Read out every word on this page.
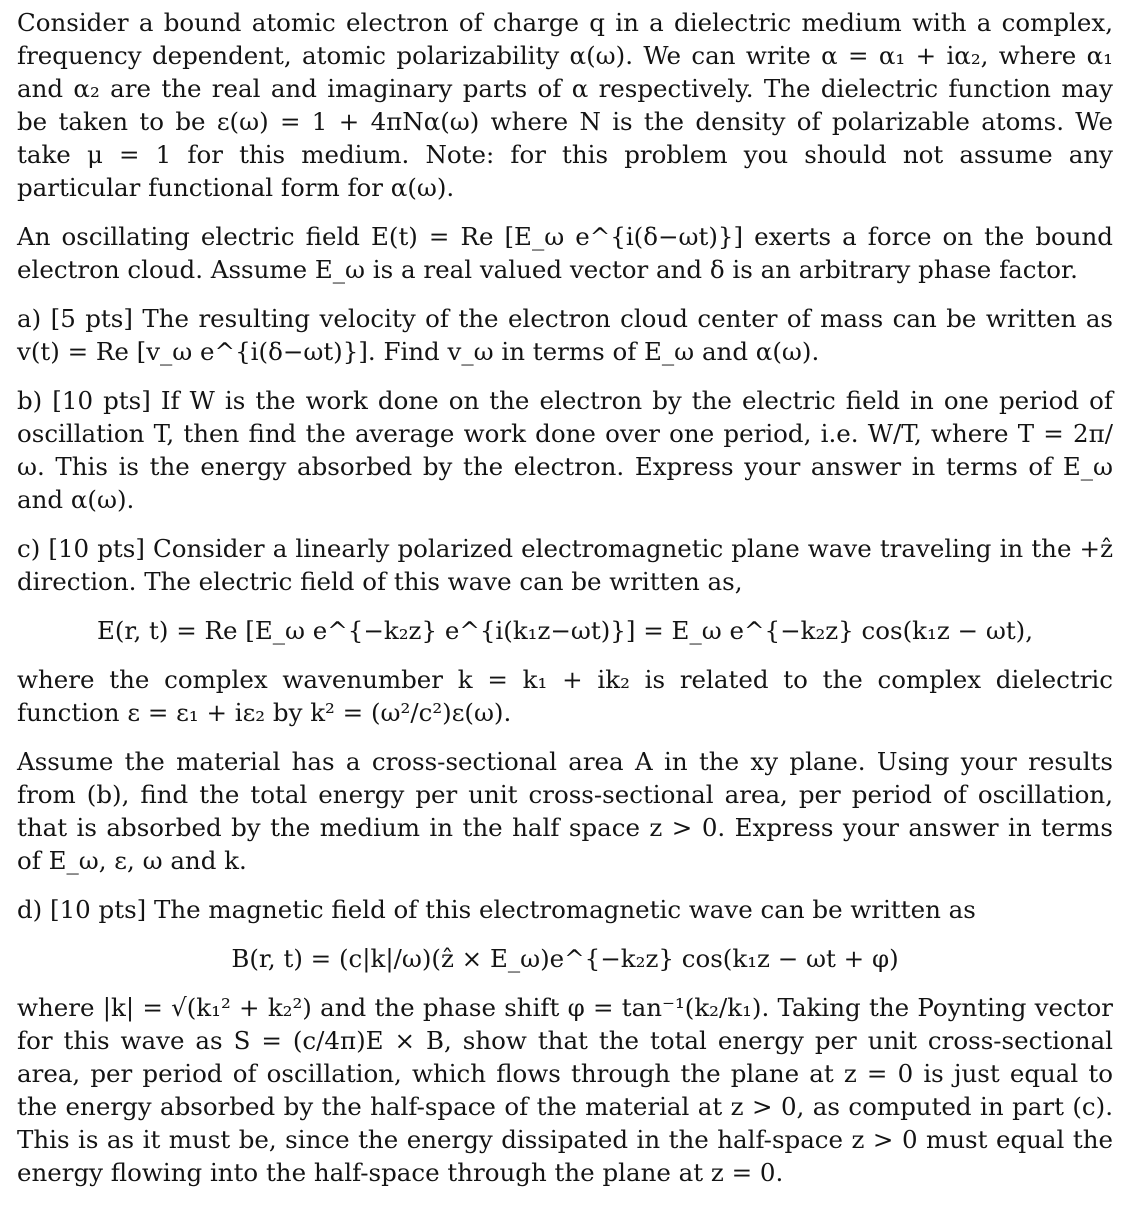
Consider a bound atomic electron of charge q in a dielectric medium with a complex, frequency dependent, atomic polarizability α(ω). We can write α = α₁ + iα₂, where α₁ and α₂ are the real and imaginary parts of α respectively. The dielectric function may be taken to be ε(ω) = 1 + 4πNα(ω) where N is the density of polarizable atoms. We take μ = 1 for this medium. Note: for this problem you should not assume any particular functional form for α(ω).

An oscillating electric field E(t) = Re [E_ω e^{i(δ−ωt)}] exerts a force on the bound electron cloud. Assume E_ω is a real valued vector and δ is an arbitrary phase factor.

a) [5 pts] The resulting velocity of the electron cloud center of mass can be written as v(t) = Re [v_ω e^{i(δ−ωt)}]. Find v_ω in terms of E_ω and α(ω).

b) [10 pts] If W is the work done on the electron by the electric field in one period of oscillation T, then find the average work done over one period, i.e. W/T, where T = 2π/ω. This is the energy absorbed by the electron. Express your answer in terms of E_ω and α(ω).

c) [10 pts] Consider a linearly polarized electromagnetic plane wave traveling in the +ẑ direction. The electric field of this wave can be written as,

E(r, t) = Re [E_ω e^{−k₂z} e^{i(k₁z−ωt)}] = E_ω e^{−k₂z} cos(k₁z − ωt),

where the complex wavenumber k = k₁ + ik₂ is related to the complex dielectric function ε = ε₁ + iε₂ by k² = (ω²/c²)ε(ω).

Assume the material has a cross-sectional area A in the xy plane. Using your results from (b), find the total energy per unit cross-sectional area, per period of oscillation, that is absorbed by the medium in the half space z > 0. Express your answer in terms of E_ω, ε, ω and k.

d) [10 pts] The magnetic field of this electromagnetic wave can be written as

B(r, t) = (c|k|/ω)(ẑ × E_ω)e^{−k₂z} cos(k₁z − ωt + φ)

where |k| = √(k₁² + k₂²) and the phase shift φ = tan⁻¹(k₂/k₁). Taking the Poynting vector for this wave as S = (c/4π)E × B, show that the total energy per unit cross-sectional area, per period of oscillation, which flows through the plane at z = 0 is just equal to the energy absorbed by the half-space of the material at z > 0, as computed in part (c). This is as it must be, since the energy dissipated in the half-space z > 0 must equal the energy flowing into the half-space through the plane at z = 0.
